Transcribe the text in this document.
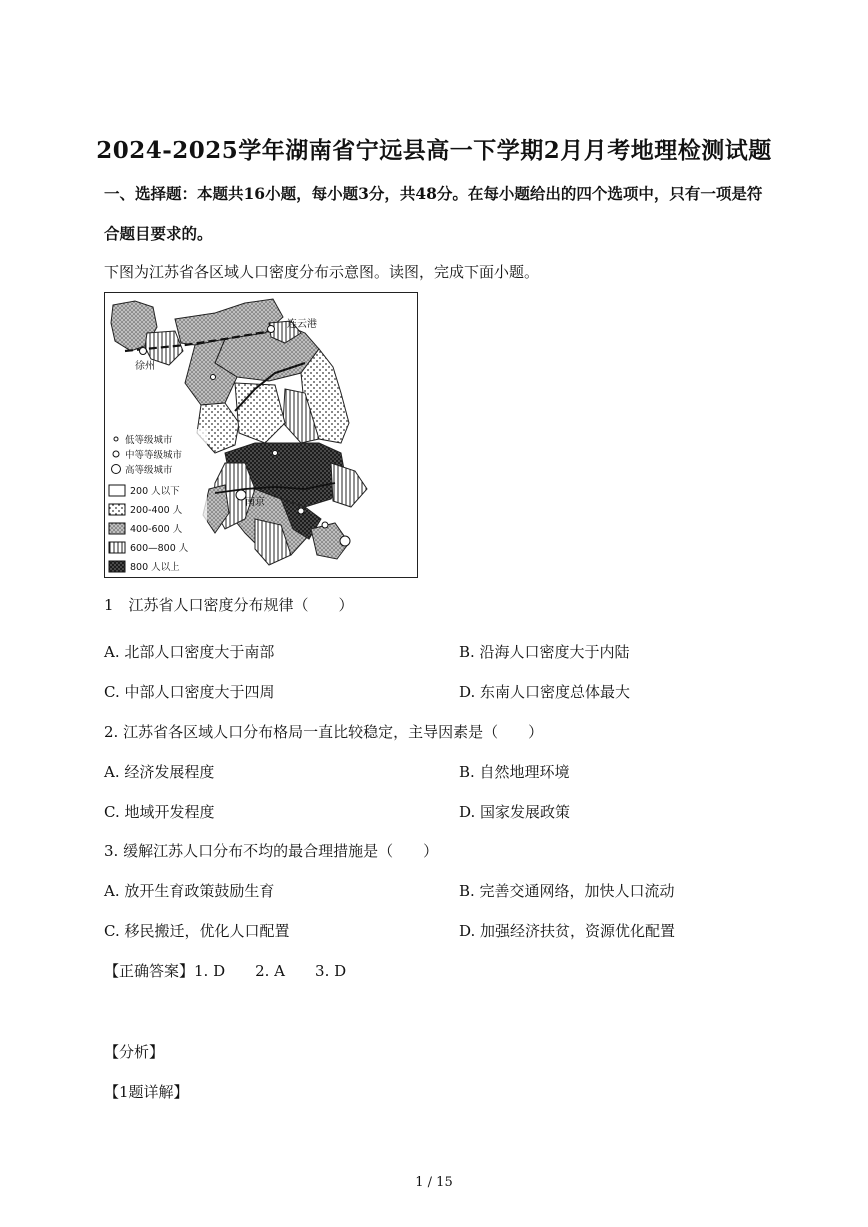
2024-2025学年湖南省宁远县高一下学期2月月考地理检测试题
一、选择题：本题共16小题，每小题3分，共48分。在每小题给出的四个选项中，只有一项是符
合题目要求的。
下图为江苏省各区域人口密度分布示意图。读图，完成下面小题。
连云港
徐州
南京
低等级城市
中等等级城市
高等级城市
200 人以下
200-400 人
400-600 人
600—800 人
800 人以上
1　江苏省人口密度分布规律（　　）
A. 北部人口密度大于南部	B. 沿海人口密度大于内陆
C. 中部人口密度大于四周	D. 东南人口密度总体最大
2. 江苏省各区域人口分布格局一直比较稳定，主导因素是（　　）
A. 经济发展程度	B. 自然地理环境
C. 地域开发程度	D. 国家发展政策
3. 缓解江苏人口分布不均的最合理措施是（　　）
A. 放开生育政策鼓励生育	B. 完善交通网络，加快人口流动
C. 移民搬迁，优化人口配置	D. 加强经济扶贫，资源优化配置
【正确答案】1. D　　2. A　　3. D
【分析】
【1题详解】
1 / 15
